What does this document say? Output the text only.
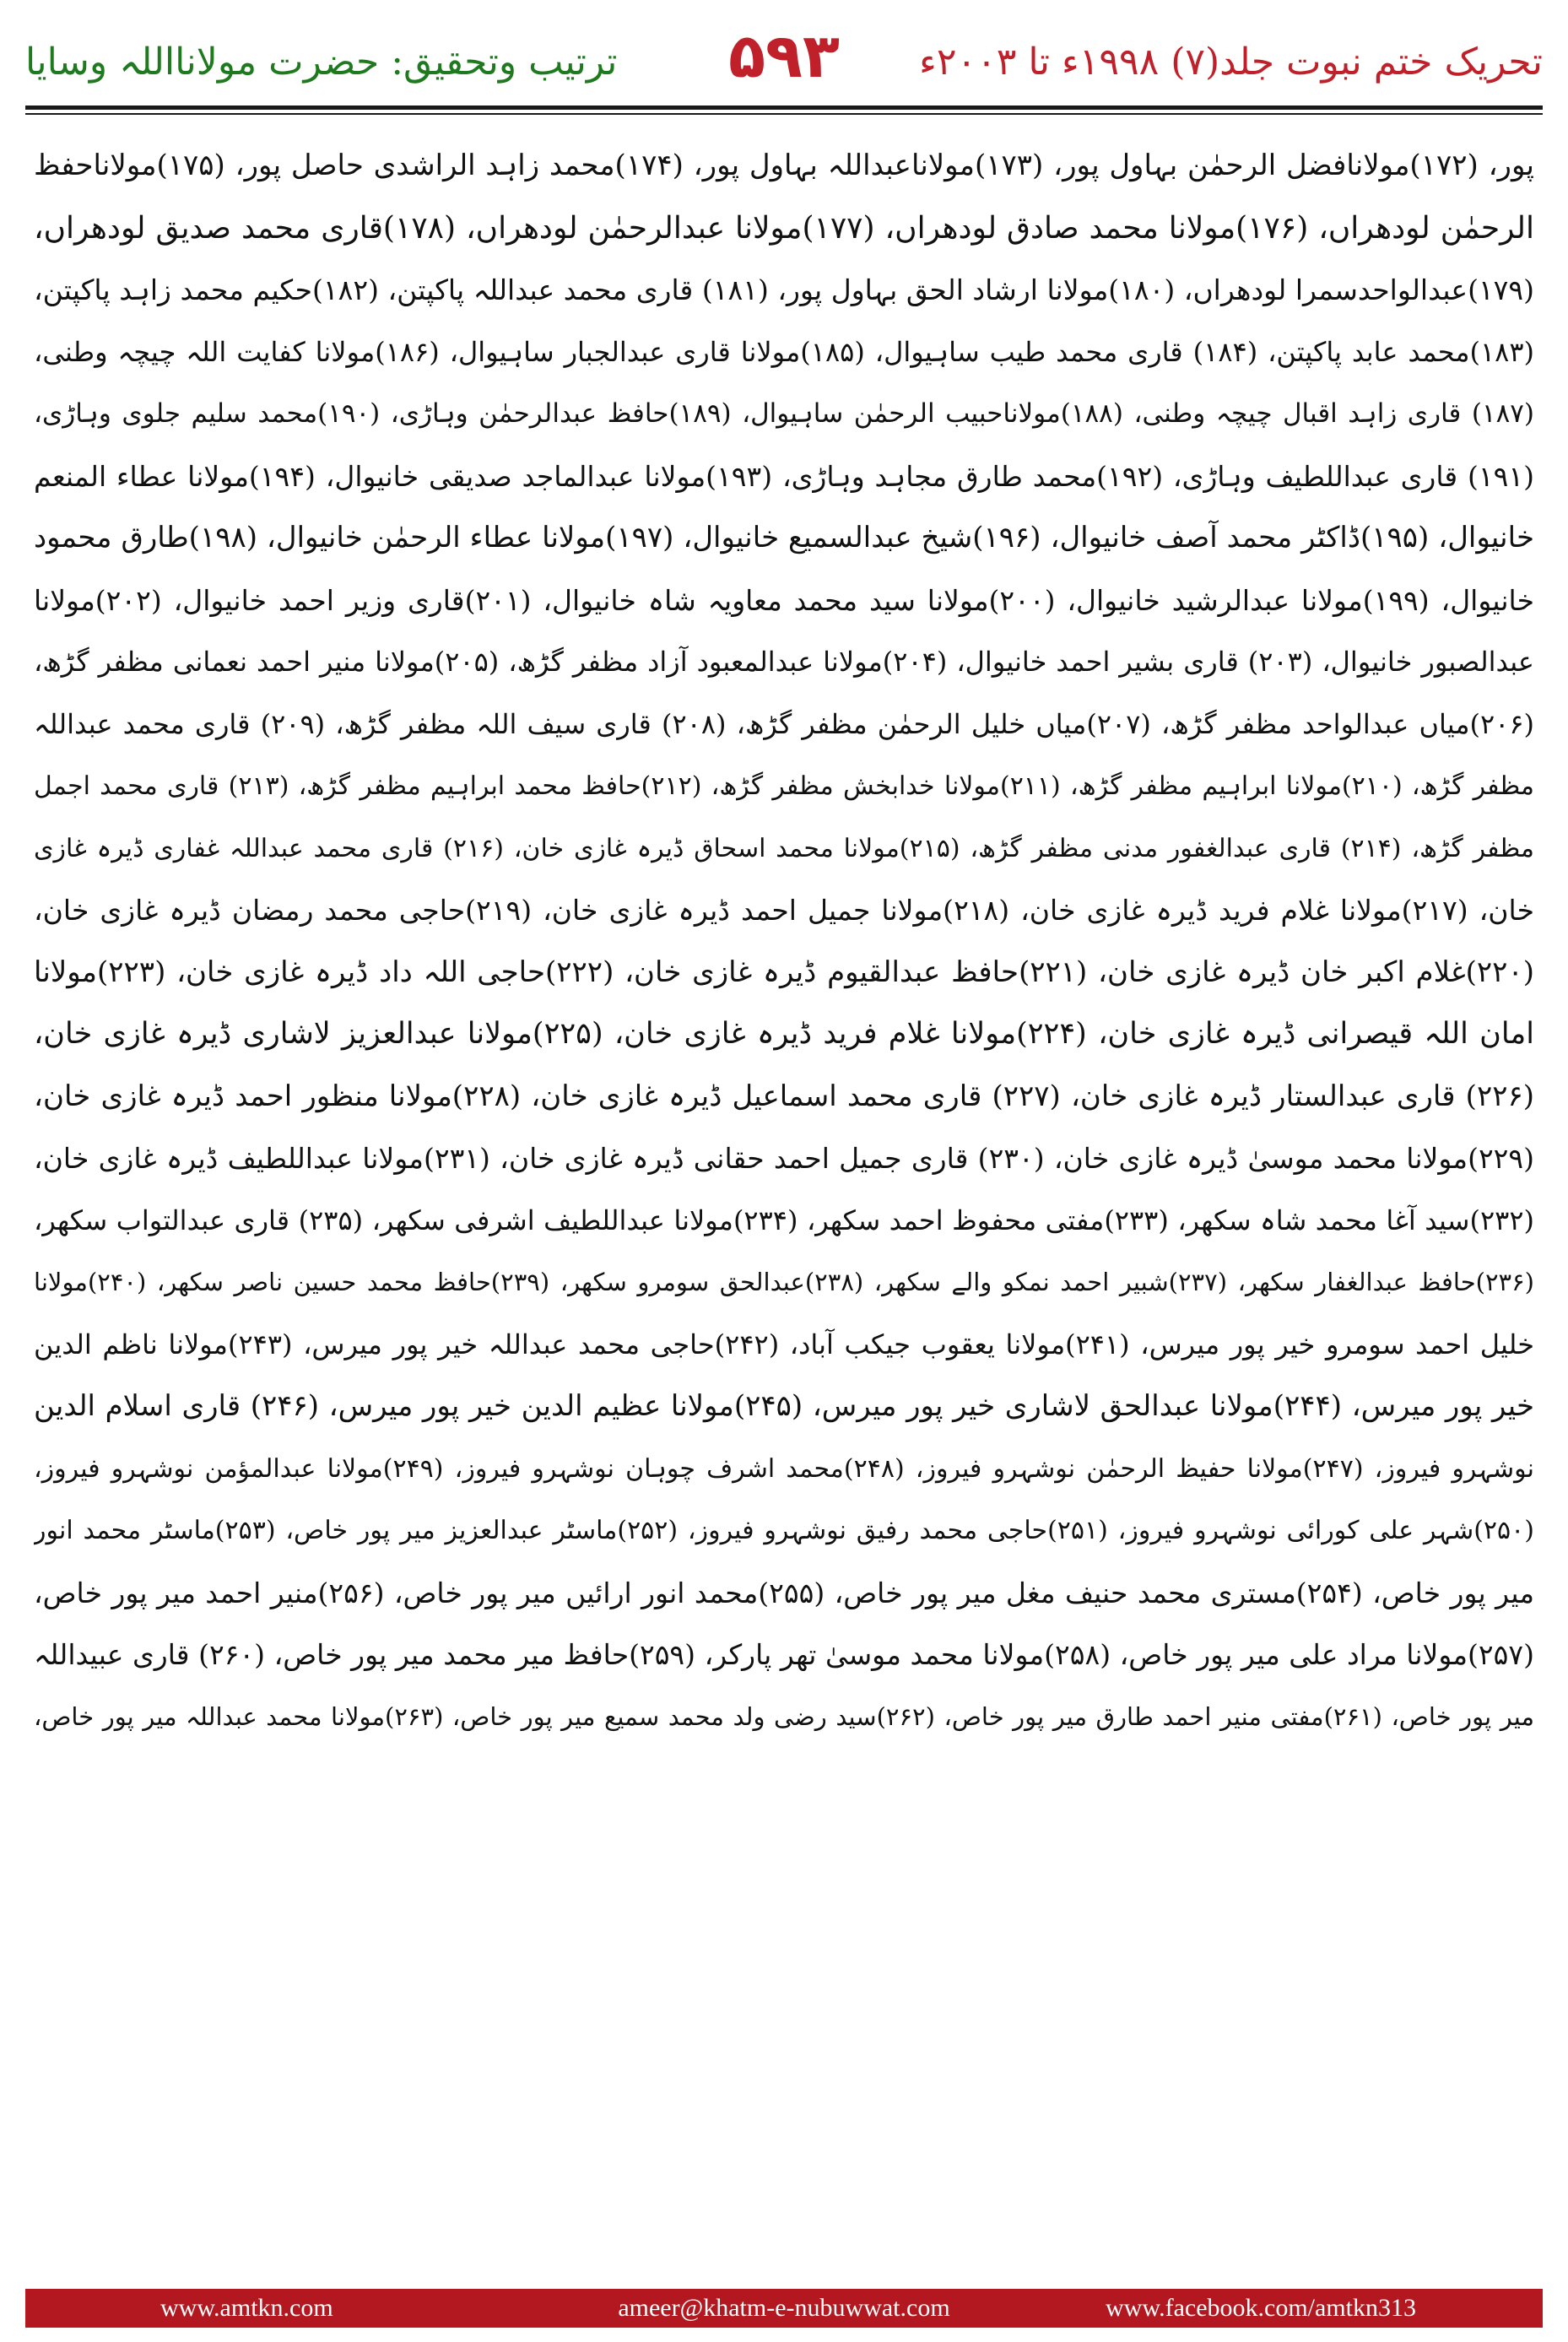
ترتیب وتحقیق: حضرت مولانااللہ وسایا	۵۹۳	تحریک ختم نبوت جلد(۷) ۱۹۹۸ء تا ۲۰۰۳ء
پور، (۱۷۲)مولانافضل الرحمٰن بہاول پور، (۱۷۳)مولاناعبداللہ بہاول پور، (۱۷۴)محمد زاہد الراشدی حاصل پور، (۱۷۵)مولاناحفظ
الرحمٰن لودھراں، (۱۷۶)مولانا محمد صادق لودھراں، (۱۷۷)مولانا عبدالرحمٰن لودھراں، (۱۷۸)قاری محمد صدیق لودھراں،
(۱۷۹)عبدالواحدسمرا لودھراں، (۱۸۰)مولانا ارشاد الحق بہاول پور، (۱۸۱) قاری محمد عبداللہ پاکپتن، (۱۸۲)حکیم محمد زاہد پاکپتن،
(۱۸۳)محمد عابد پاکپتن، (۱۸۴) قاری محمد طیب ساہیوال، (۱۸۵)مولانا قاری عبدالجبار ساہیوال، (۱۸۶)مولانا کفایت اللہ چیچہ وطنی،
(۱۸۷) قاری زاہد اقبال چیچہ وطنی، (۱۸۸)مولاناحبیب الرحمٰن ساہیوال، (۱۸۹)حافظ عبدالرحمٰن وہاڑی، (۱۹۰)محمد سلیم جلوی وہاڑی،
(۱۹۱) قاری عبداللطیف وہاڑی، (۱۹۲)محمد طارق مجاہد وہاڑی، (۱۹۳)مولانا عبدالماجد صدیقی خانیوال، (۱۹۴)مولانا عطاء المنعم
خانیوال، (۱۹۵)ڈاکٹر محمد آصف خانیوال، (۱۹۶)شیخ عبدالسمیع خانیوال، (۱۹۷)مولانا عطاء الرحمٰن خانیوال، (۱۹۸)طارق محمود
خانیوال، (۱۹۹)مولانا عبدالرشید خانیوال، (۲۰۰)مولانا سید محمد معاویہ شاہ خانیوال، (۲۰۱)قاری وزیر احمد خانیوال، (۲۰۲)مولانا
عبدالصبور خانیوال، (۲۰۳) قاری بشیر احمد خانیوال، (۲۰۴)مولانا عبدالمعبود آزاد مظفر گڑھ، (۲۰۵)مولانا منیر احمد نعمانی مظفر گڑھ،
(۲۰۶)میاں عبدالواحد مظفر گڑھ، (۲۰۷)میاں خلیل الرحمٰن مظفر گڑھ، (۲۰۸) قاری سیف اللہ مظفر گڑھ، (۲۰۹) قاری محمد عبداللہ
مظفر گڑھ، (۲۱۰)مولانا ابراہیم مظفر گڑھ، (۲۱۱)مولانا خدابخش مظفر گڑھ، (۲۱۲)حافظ محمد ابراہیم مظفر گڑھ، (۲۱۳) قاری محمد اجمل
مظفر گڑھ، (۲۱۴) قاری عبدالغفور مدنی مظفر گڑھ، (۲۱۵)مولانا محمد اسحاق ڈیرہ غازی خان، (۲۱۶) قاری محمد عبداللہ غفاری ڈیرہ غازی
خان، (۲۱۷)مولانا غلام فرید ڈیرہ غازی خان، (۲۱۸)مولانا جمیل احمد ڈیرہ غازی خان، (۲۱۹)حاجی محمد رمضان ڈیرہ غازی خان،
(۲۲۰)غلام اکبر خان ڈیرہ غازی خان، (۲۲۱)حافظ عبدالقیوم ڈیرہ غازی خان، (۲۲۲)حاجی اللہ داد ڈیرہ غازی خان، (۲۲۳)مولانا
امان اللہ قیصرانی ڈیرہ غازی خان، (۲۲۴)مولانا غلام فرید ڈیرہ غازی خان، (۲۲۵)مولانا عبدالعزیز لاشاری ڈیرہ غازی خان،
(۲۲۶) قاری عبدالستار ڈیرہ غازی خان، (۲۲۷) قاری محمد اسماعیل ڈیرہ غازی خان، (۲۲۸)مولانا منظور احمد ڈیرہ غازی خان،
(۲۲۹)مولانا محمد موسیٰ ڈیرہ غازی خان، (۲۳۰) قاری جمیل احمد حقانی ڈیرہ غازی خان، (۲۳۱)مولانا عبداللطیف ڈیرہ غازی خان،
(۲۳۲)سید آغا محمد شاہ سکھر، (۲۳۳)مفتی محفوظ احمد سکھر، (۲۳۴)مولانا عبداللطیف اشرفی سکھر، (۲۳۵) قاری عبدالتواب سکھر،
(۲۳۶)حافظ عبدالغفار سکھر، (۲۳۷)شبیر احمد نمکو والے سکھر، (۲۳۸)عبدالحق سومرو سکھر، (۲۳۹)حافظ محمد حسین ناصر سکھر، (۲۴۰)مولانا
خلیل احمد سومرو خیر پور میرس، (۲۴۱)مولانا یعقوب جیکب آباد، (۲۴۲)حاجی محمد عبداللہ خیر پور میرس، (۲۴۳)مولانا ناظم الدین
خیر پور میرس، (۲۴۴)مولانا عبدالحق لاشاری خیر پور میرس، (۲۴۵)مولانا عظیم الدین خیر پور میرس، (۲۴۶) قاری اسلام الدین
نوشہرو فیروز، (۲۴۷)مولانا حفیظ الرحمٰن نوشہرو فیروز، (۲۴۸)محمد اشرف چوہان نوشہرو فیروز، (۲۴۹)مولانا عبدالمؤمن نوشہرو فیروز،
(۲۵۰)شہر علی کورائی نوشہرو فیروز، (۲۵۱)حاجی محمد رفیق نوشہرو فیروز، (۲۵۲)ماسٹر عبدالعزیز میر پور خاص، (۲۵۳)ماسٹر محمد انور
میر پور خاص، (۲۵۴)مستری محمد حنیف مغل میر پور خاص، (۲۵۵)محمد انور ارائیں میر پور خاص، (۲۵۶)منیر احمد میر پور خاص،
(۲۵۷)مولانا مراد علی میر پور خاص، (۲۵۸)مولانا محمد موسیٰ تھر پارکر، (۲۵۹)حافظ میر محمد میر پور خاص، (۲۶۰) قاری عبیداللہ
میر پور خاص، (۲۶۱)مفتی منیر احمد طارق میر پور خاص، (۲۶۲)سید رضی ولد محمد سمیع میر پور خاص، (۲۶۳)مولانا محمد عبداللہ میر پور خاص،
www.amtkn.com	ameer@khatm-e-nubuwwat.com	www.facebook.com/amtkn313
